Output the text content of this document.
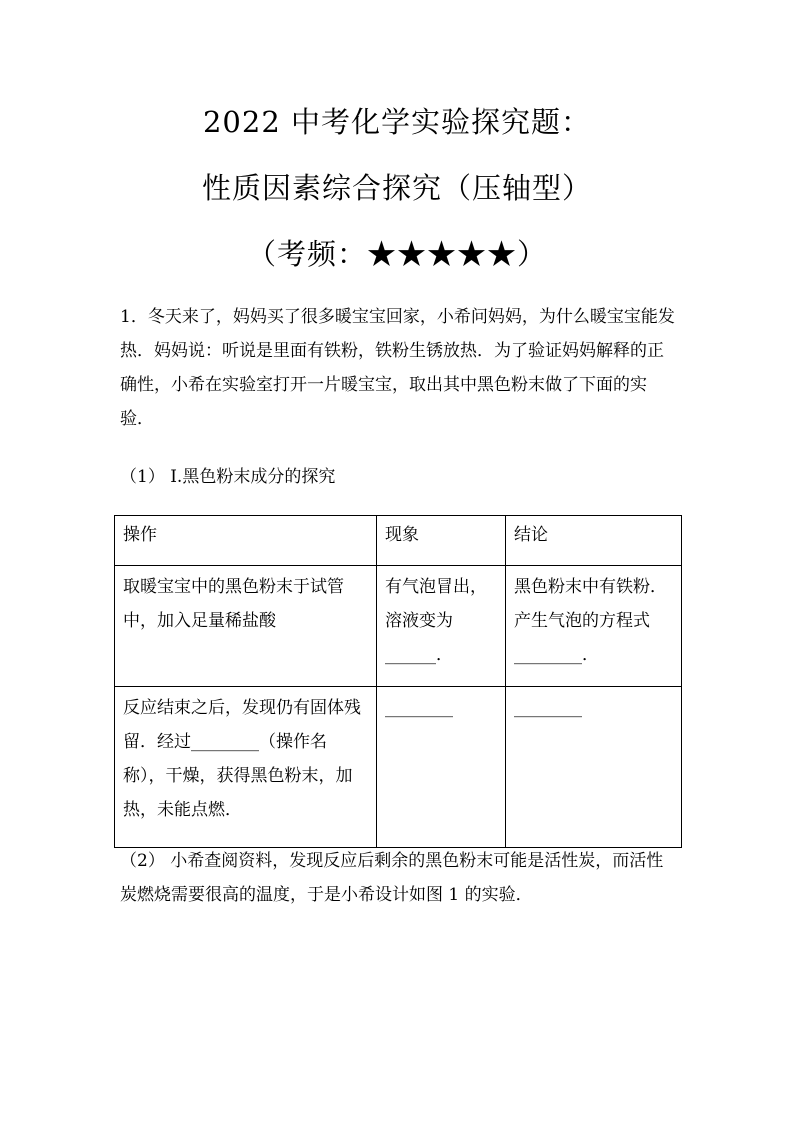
2022 中考化学实验探究题：
性质因素综合探究（压轴型）
（考频：★★★★★）
1．冬天来了，妈妈买了很多暖宝宝回家，小希问妈妈，为什么暖宝宝能发热．妈妈说：听说是里面有铁粉，铁粉生锈放热．为了验证妈妈解释的正确性，小希在实验室打开一片暖宝宝，取出其中黑色粉末做了下面的实验．
（1） Ⅰ.黑色粉末成分的探究
操作	现象	结论
取暖宝宝中的黑色粉末于试管中，加入足量稀盐酸	有气泡冒出，溶液变为______．	黑色粉末中有铁粉．产生气泡的方程式________．
反应结束之后，发现仍有固体残留．经过________（操作名称），干燥，获得黑色粉末，加热，未能点燃．	________	________
（2） 小希查阅资料，发现反应后剩余的黑色粉末可能是活性炭，而活性炭燃烧需要很高的温度，于是小希设计如图 1 的实验．
